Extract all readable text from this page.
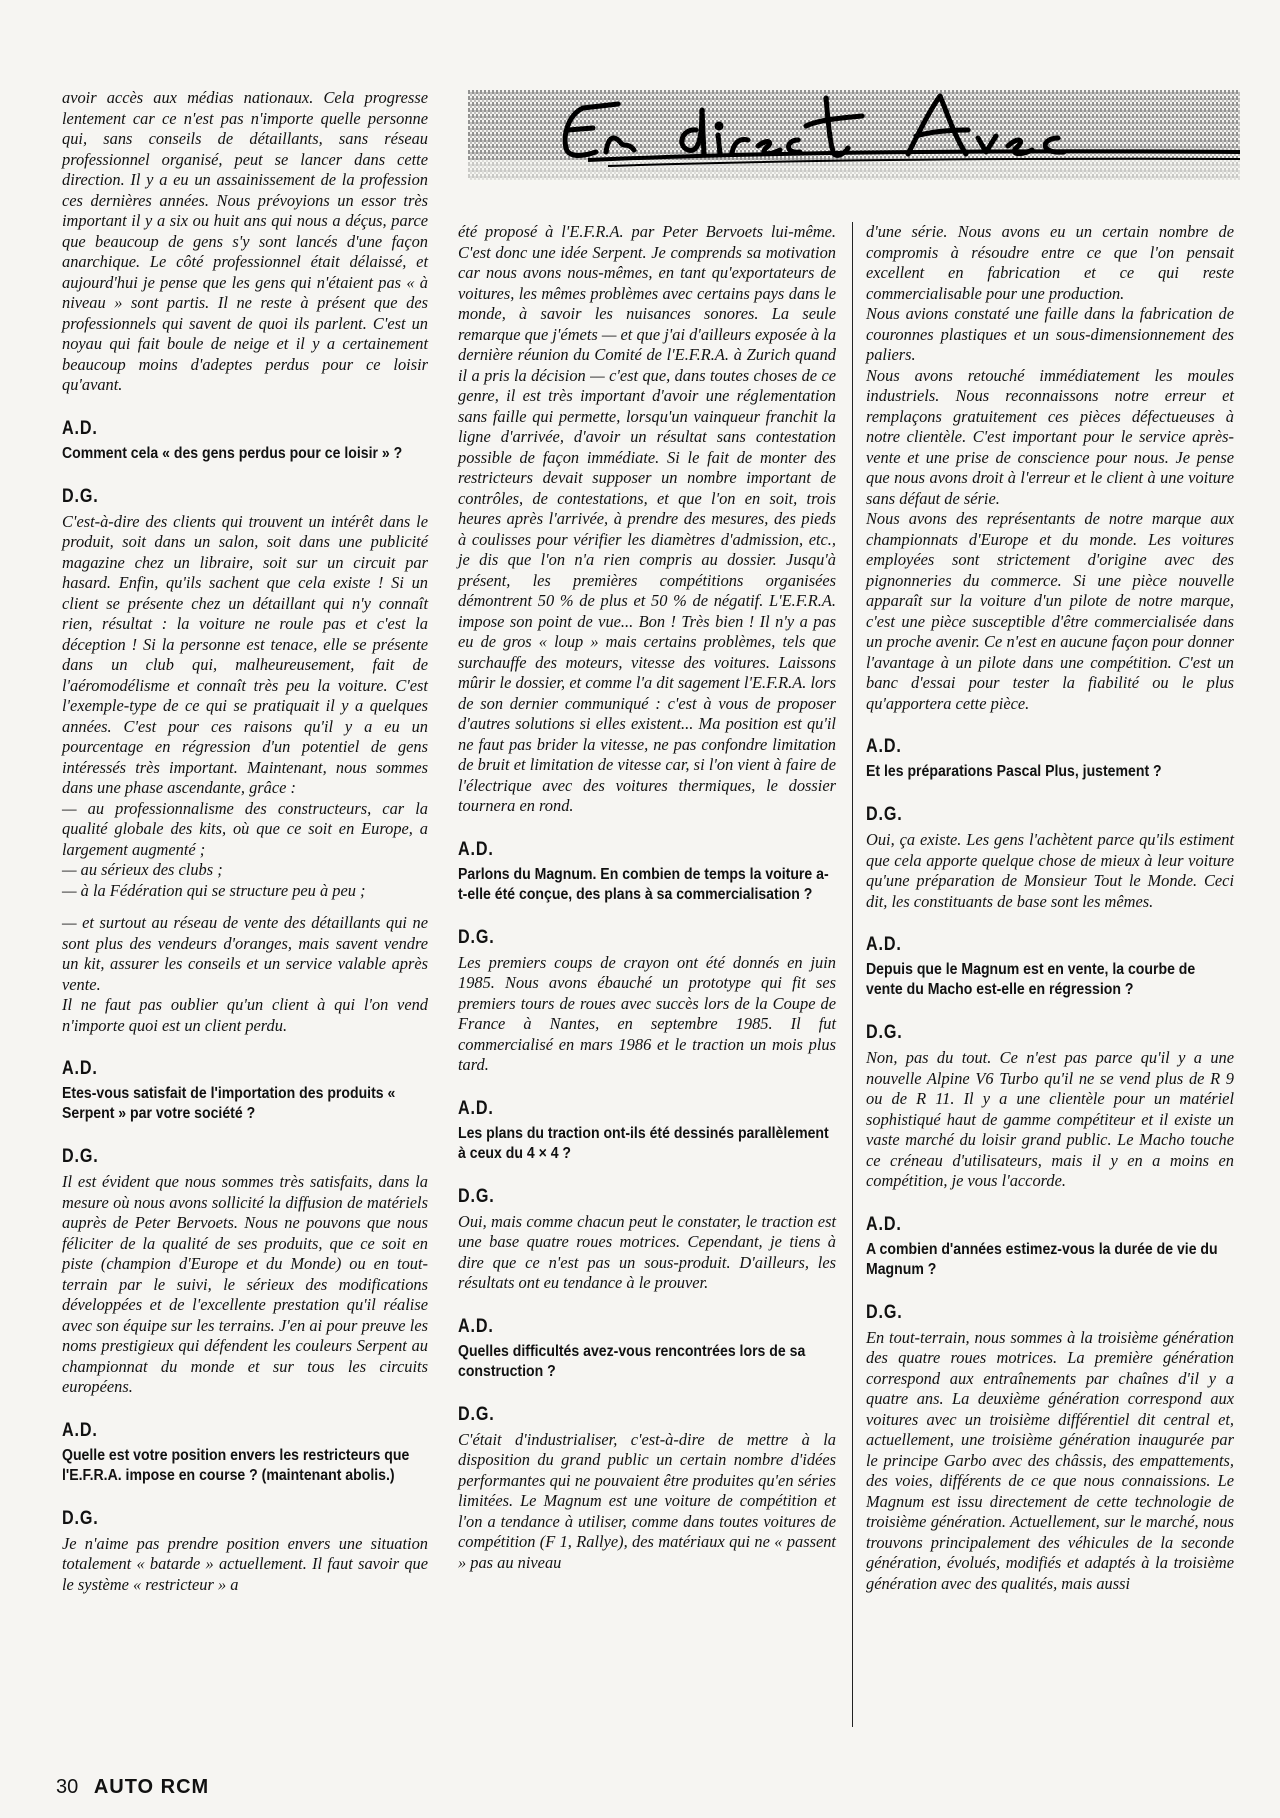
avoir accès aux médias nationaux. Cela progresse lentement car ce n'est pas n'importe quelle personne qui, sans conseils de détaillants, sans réseau professionnel organisé, peut se lancer dans cette direction. Il y a eu un assainissement de la profession ces dernières années. Nous prévoyions un essor très important il y a six ou huit ans qui nous a déçus, parce que beaucoup de gens s'y sont lancés d'une façon anarchique. Le côté professionnel était délaissé, et aujourd'hui je pense que les gens qui n'étaient pas « à niveau » sont partis. Il ne reste à présent que des professionnels qui savent de quoi ils parlent. C'est un noyau qui fait boule de neige et il y a certainement beaucoup moins d'adeptes perdus pour ce loisir qu'avant.

A.D.

Comment cela « des gens perdus pour ce loisir » ?

D.G.

C'est-à-dire des clients qui trouvent un intérêt dans le produit, soit dans un salon, soit dans une publicité magazine chez un libraire, soit sur un circuit par hasard. Enfin, qu'ils sachent que cela existe ! Si un client se présente chez un détaillant qui n'y connaît rien, résultat : la voiture ne roule pas et c'est la déception ! Si la personne est tenace, elle se présente dans un club qui, malheureusement, fait de l'aéromodélisme et connaît très peu la voiture. C'est l'exemple-type de ce qui se pratiquait il y a quelques années. C'est pour ces raisons qu'il y a eu un pourcentage en régression d'un potentiel de gens intéressés très important. Maintenant, nous sommes dans une phase ascendante, grâce :

— au professionnalisme des constructeurs, car la qualité globale des kits, où que ce soit en Europe, a largement augmenté ;

— au sérieux des clubs ;

— à la Fédération qui se structure peu à peu ;

— et surtout au réseau de vente des détaillants qui ne sont plus des vendeurs d'oranges, mais savent vendre un kit, assurer les conseils et un service valable après vente.

Il ne faut pas oublier qu'un client à qui l'on vend n'importe quoi est un client perdu.

A.D.

Etes-vous satisfait de l'importation des produits « Serpent » par votre société ?

D.G.

Il est évident que nous sommes très satisfaits, dans la mesure où nous avons sollicité la diffusion de matériels auprès de Peter Bervoets. Nous ne pouvons que nous féliciter de la qualité de ses produits, que ce soit en piste (champion d'Europe et du Monde) ou en tout-terrain par le suivi, le sérieux des modifications développées et de l'excellente prestation qu'il réalise avec son équipe sur les terrains. J'en ai pour preuve les noms prestigieux qui défendent les couleurs Serpent au championnat du monde et sur tous les circuits européens.

A.D.

Quelle est votre position envers les restricteurs que l'E.F.R.A. impose en course ? (maintenant abolis.)

D.G.

Je n'aime pas prendre position envers une situation totalement « batarde » actuellement. Il faut savoir que le système « restricteur » a

été proposé à l'E.F.R.A. par Peter Bervoets lui-même. C'est donc une idée Serpent. Je comprends sa motivation car nous avons nous-mêmes, en tant qu'exportateurs de voitures, les mêmes problèmes avec certains pays dans le monde, à savoir les nuisances sonores. La seule remarque que j'émets — et que j'ai d'ailleurs exposée à la dernière réunion du Comité de l'E.F.R.A. à Zurich quand il a pris la décision — c'est que, dans toutes choses de ce genre, il est très important d'avoir une réglementation sans faille qui permette, lorsqu'un vainqueur franchit la ligne d'arrivée, d'avoir un résultat sans contestation possible de façon immédiate. Si le fait de monter des restricteurs devait supposer un nombre important de contrôles, de contestations, et que l'on en soit, trois heures après l'arrivée, à prendre des mesures, des pieds à coulisses pour vérifier les diamètres d'admission, etc., je dis que l'on n'a rien compris au dossier. Jusqu'à présent, les premières compétitions organisées démontrent 50 % de plus et 50 % de négatif. L'E.F.R.A. impose son point de vue... Bon ! Très bien ! Il n'y a pas eu de gros « loup » mais certains problèmes, tels que surchauffe des moteurs, vitesse des voitures. Laissons mûrir le dossier, et comme l'a dit sagement l'E.F.R.A. lors de son dernier communiqué : c'est à vous de proposer d'autres solutions si elles existent... Ma position est qu'il ne faut pas brider la vitesse, ne pas confondre limitation de bruit et limitation de vitesse car, si l'on vient à faire de l'électrique avec des voitures thermiques, le dossier tournera en rond.

A.D.

Parlons du Magnum. En combien de temps la voiture a-t-elle été conçue, des plans à sa commercialisation ?

D.G.

Les premiers coups de crayon ont été donnés en juin 1985. Nous avons ébauché un prototype qui fit ses premiers tours de roues avec succès lors de la Coupe de France à Nantes, en septembre 1985. Il fut commercialisé en mars 1986 et le traction un mois plus tard.

A.D.

Les plans du traction ont-ils été dessinés parallèlement à ceux du 4 × 4 ?

D.G.

Oui, mais comme chacun peut le constater, le traction est une base quatre roues motrices. Cependant, je tiens à dire que ce n'est pas un sous-produit. D'ailleurs, les résultats ont eu tendance à le prouver.

A.D.

Quelles difficultés avez-vous rencontrées lors de sa construction ?

D.G.

C'était d'industrialiser, c'est-à-dire de mettre à la disposition du grand public un certain nombre d'idées performantes qui ne pouvaient être produites qu'en séries limitées. Le Magnum est une voiture de compétition et l'on a tendance à utiliser, comme dans toutes voitures de compétition (F 1, Rallye), des matériaux qui ne « passent » pas au niveau

d'une série. Nous avons eu un certain nombre de compromis à résoudre entre ce que l'on pensait excellent en fabrication et ce qui reste commercialisable pour une production.

Nous avions constaté une faille dans la fabrication de couronnes plastiques et un sous-dimensionnement des paliers.

Nous avons retouché immédiatement les moules industriels. Nous reconnaissons notre erreur et remplaçons gratuitement ces pièces défectueuses à notre clientèle. C'est important pour le service après-vente et une prise de conscience pour nous. Je pense que nous avons droit à l'erreur et le client à une voiture sans défaut de série.

Nous avons des représentants de notre marque aux championnats d'Europe et du monde. Les voitures employées sont strictement d'origine avec des pignonneries du commerce. Si une pièce nouvelle apparaît sur la voiture d'un pilote de notre marque, c'est une pièce susceptible d'être commercialisée dans un proche avenir. Ce n'est en aucune façon pour donner l'avantage à un pilote dans une compétition. C'est un banc d'essai pour tester la fiabilité ou le plus qu'apportera cette pièce.

A.D.

Et les préparations Pascal Plus, justement ?

D.G.

Oui, ça existe. Les gens l'achètent parce qu'ils estiment que cela apporte quelque chose de mieux à leur voiture qu'une préparation de Monsieur Tout le Monde. Ceci dit, les constituants de base sont les mêmes.

A.D.

Depuis que le Magnum est en vente, la courbe de vente du Macho est-elle en régression ?

D.G.

Non, pas du tout. Ce n'est pas parce qu'il y a une nouvelle Alpine V6 Turbo qu'il ne se vend plus de R 9 ou de R 11. Il y a une clientèle pour un matériel sophistiqué haut de gamme compétiteur et il existe un vaste marché du loisir grand public. Le Macho touche ce créneau d'utilisateurs, mais il y en a moins en compétition, je vous l'accorde.

A.D.

A combien d'années estimez-vous la durée de vie du Magnum ?

D.G.

En tout-terrain, nous sommes à la troisième génération des quatre roues motrices. La première génération correspond aux entraînements par chaînes d'il y a quatre ans. La deuxième génération correspond aux voitures avec un troisième différentiel dit central et, actuellement, une troisième génération inaugurée par le principe Garbo avec des châssis, des empattements, des voies, différents de ce que nous connaissions. Le Magnum est issu directement de cette technologie de troisième génération. Actuellement, sur le marché, nous trouvons principalement des véhicules de la seconde génération, évolués, modifiés et adaptés à la troisième génération avec des qualités, mais aussi

30 AUTO RCM
